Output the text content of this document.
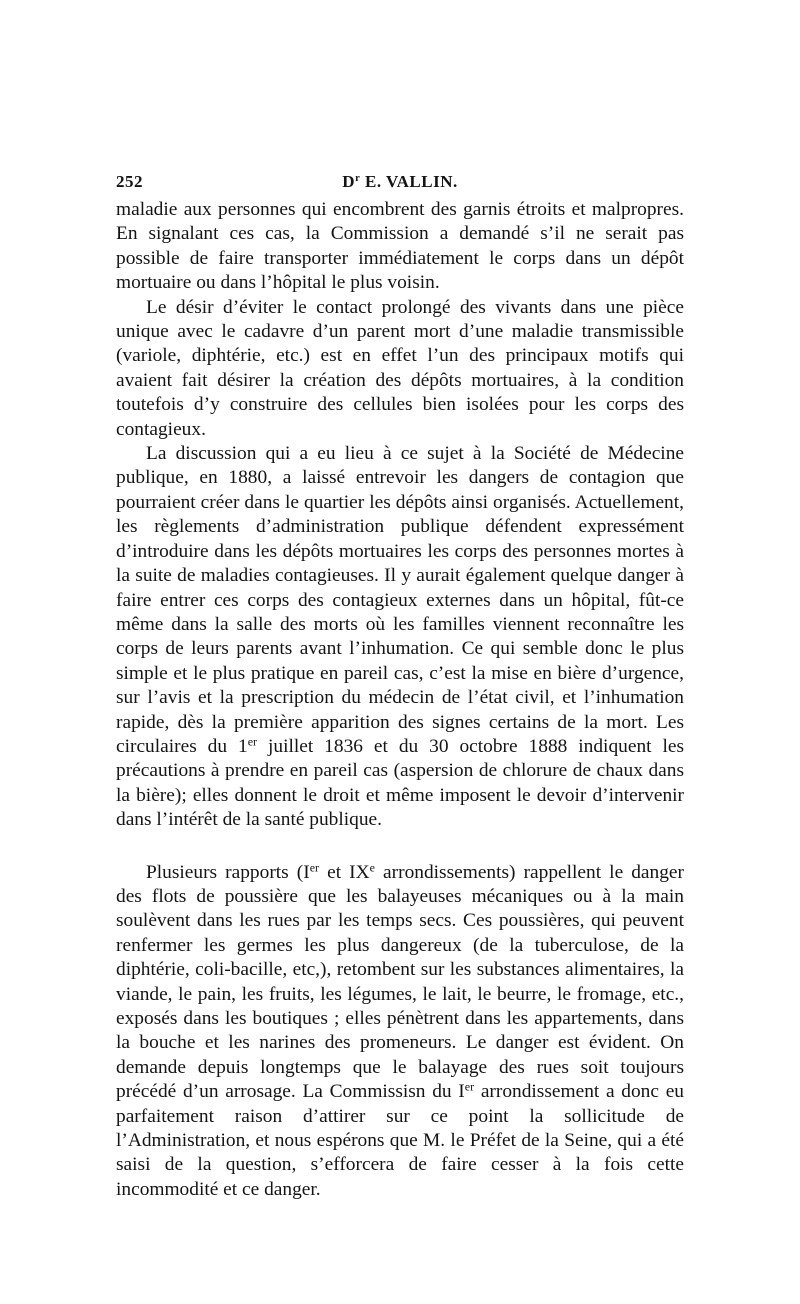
252	$D^r$ E. VALLIN.

maladie aux personnes qui encombrent des garnis étroits et malpropres. En signalant ces cas, la Commission a demandé s’il ne serait pas possible de faire transporter immédiatement le corps dans un dépôt mortuaire ou dans l’hôpital le plus voisin.

Le désir d’éviter le contact prolongé des vivants dans une pièce unique avec le cadavre d’un parent mort d’une maladie transmissible (variole, diphtérie, etc.) est en effet l’un des principaux motifs qui avaient fait désirer la création des dépôts mortuaires, à la condition toutefois d’y construire des cellules bien isolées pour les corps des contagieux.

La discussion qui a eu lieu à ce sujet à la Société de Médecine publique, en 1880, a laissé entrevoir les dangers de contagion que pourraient créer dans le quartier les dépôts ainsi organisés. Actuellement, les règlements d’administration publique défendent expressément d’introduire dans les dépôts mortuaires les corps des personnes mortes à la suite de maladies contagieuses. Il y aurait également quelque danger à faire entrer ces corps des contagieux externes dans un hôpital, fût-ce même dans la salle des morts où les familles viennent reconnaître les corps de leurs parents avant l’inhumation. Ce qui semble donc le plus simple et le plus pratique en pareil cas, c’est la mise en bière d’urgence, sur l’avis et la prescription du médecin de l’état civil, et l’inhumation rapide, dès la première apparition des signes certains de la mort. Les circulaires du 1er juillet 1836 et du 30 octobre 1888 indiquent les précautions à prendre en pareil cas (aspersion de chlorure de chaux dans la bière); elles donnent le droit et même imposent le devoir d’intervenir dans l’intérêt de la santé publique.

Plusieurs rapports (Ier et IXe arrondissements) rappellent le danger des flots de poussière que les balayeuses mécaniques ou à la main soulèvent dans les rues par les temps secs. Ces poussières, qui peuvent renfermer les germes les plus dangereux (de la tuberculose, de la diphtérie, coli-bacille, etc,), retombent sur les substances alimentaires, la viande, le pain, les fruits, les légumes, le lait, le beurre, le fromage, etc., exposés dans les boutiques ; elles pénètrent dans les appartements, dans la bouche et les narines des promeneurs. Le danger est évident. On demande depuis longtemps que le balayage des rues soit toujours précédé d’un arrosage. La Commissisn du Ier arrondissement a donc eu parfaitement raison d’attirer sur ce point la sollicitude de l’Administration, et nous espérons que M. le Préfet de la Seine, qui a été saisi de la question, s’efforcera de faire cesser à la fois cette incommodité et ce danger.
